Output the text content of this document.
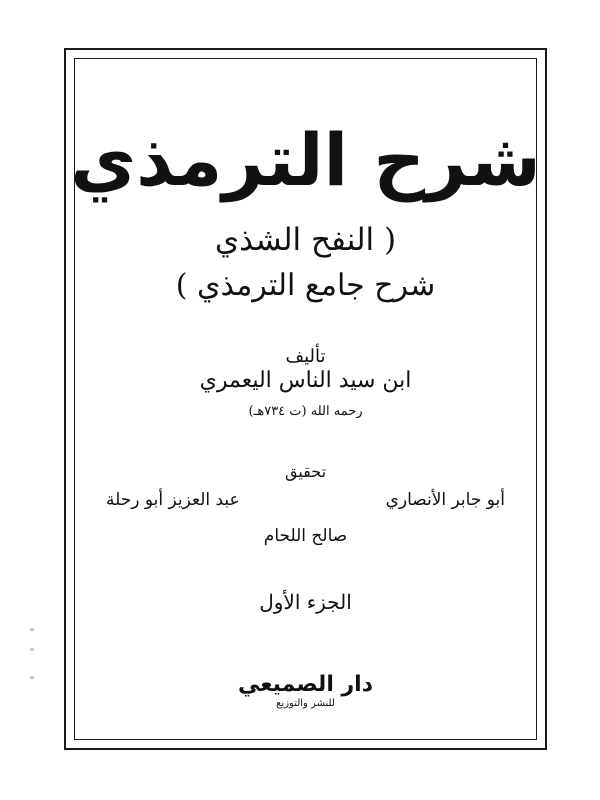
شرح الترمذي
( النفح الشذي
شرح جامع الترمذي )
تأليف
ابن سيد الناس اليعمري
رحمه الله (ت ٧٣٤هـ)
تحقيق
أبو جابر الأنصاري
عبد العزيز أبو رحلة
صالح اللحام
الجزء الأول
دار الصميعي
للنشر والتوزيع
